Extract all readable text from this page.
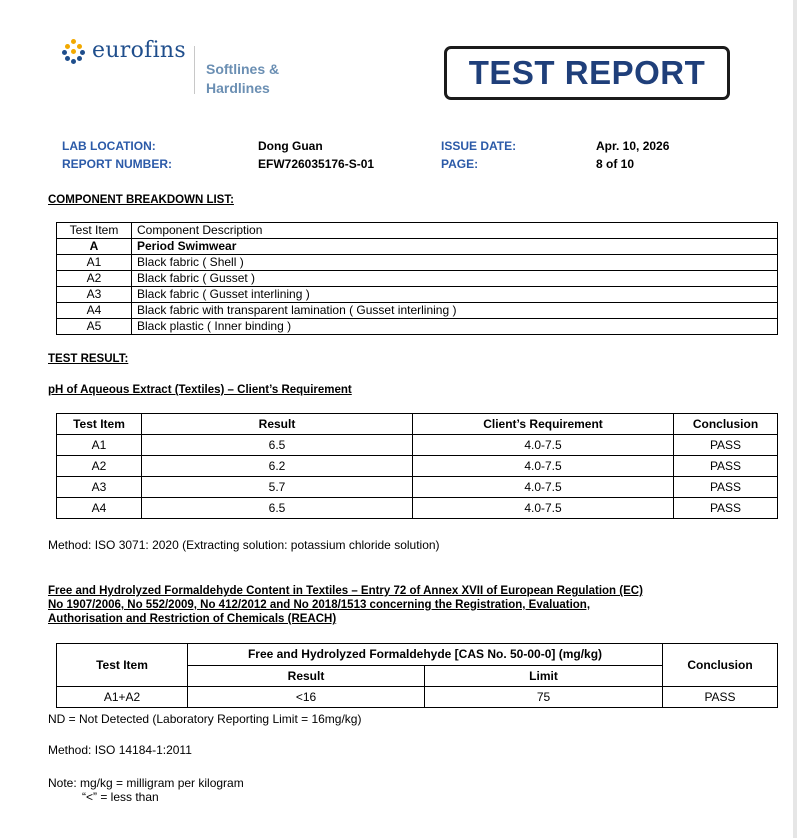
eurofins
Softlines &
Hardlines	TEST REPORT
LAB LOCATION:
REPORT NUMBER:
Dong Guan
EFW726035176-S-01
ISSUE DATE:
PAGE:
Apr. 10, 2026
8 of 10
COMPONENT BREAKDOWN LIST:
Test Item	Component Description
A	Period Swimwear
A1	Black fabric ( Shell )
A2	Black fabric ( Gusset )
A3	Black fabric ( Gusset interlining )
A4	Black fabric with transparent lamination ( Gusset interlining )
A5	Black plastic ( Inner binding )
TEST RESULT:
pH of Aqueous Extract (Textiles) – Client’s Requirement
Test Item	Result	Client’s Requirement	Conclusion
A1	6.5	4.0-7.5	PASS
A2	6.2	4.0-7.5	PASS
A3	5.7	4.0-7.5	PASS
A4	6.5	4.0-7.5	PASS
Method: ISO 3071: 2020 (Extracting solution: potassium chloride solution)
Free and Hydrolyzed Formaldehyde Content in Textiles – Entry 72 of Annex XVII of European Regulation (EC)
No 1907/2006, No 552/2009, No 412/2012 and No 2018/1513 concerning the Registration, Evaluation,
Authorisation and Restriction of Chemicals (REACH)
Test Item	Free and Hydrolyzed Formaldehyde [CAS No. 50-00-0] (mg/kg)		Conclusion
	Result	Limit	
A1+A2	<16	75	PASS
ND = Not Detected (Laboratory Reporting Limit = 16mg/kg)
Method: ISO 14184-1:2011
Note: mg/kg = milligram per kilogram
“<” = less than
